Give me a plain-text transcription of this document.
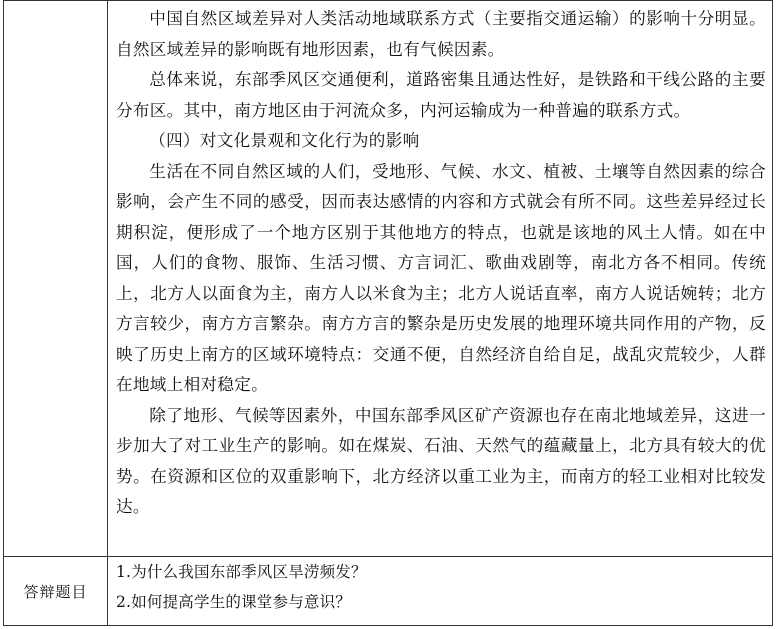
	中国自然区域差异对人类活动地域联系方式（主要指交通运输）的影响十分明显。自然区域差异的影响既有地形因素，也有气候因素。

总体来说，东部季风区交通便利，道路密集且通达性好，是铁路和干线公路的主要分布区。其中，南方地区由于河流众多，内河运输成为一种普遍的联系方式。

（四）对文化景观和文化行为的影响

生活在不同自然区域的人们，受地形、气候、水文、植被、土壤等自然因素的综合影响，会产生不同的感受，因而表达感情的内容和方式就会有所不同。这些差异经过长期积淀，便形成了一个地方区别于其他地方的特点，也就是该地的风土人情。如在中国，人们的食物、服饰、生活习惯、方言词汇、歌曲戏剧等，南北方各不相同。传统上，北方人以面食为主，南方人以米食为主；北方人说话直率，南方人说话婉转；北方方言较少，南方方言繁杂。南方方言的繁杂是历史发展的地理环境共同作用的产物，反映了历史上南方的区域环境特点：交通不便，自然经济自给自足，战乱灾荒较少，人群在地域上相对稳定。

除了地形、气候等因素外，中国东部季风区矿产资源也存在南北地域差异，这进一步加大了对工业生产的影响。如在煤炭、石油、天然气的蕴藏量上，北方具有较大的优势。在资源和区位的双重影响下，北方经济以重工业为主，而南方的轻工业相对比较发达。

答辩题目	1.为什么我国东部季风区旱涝频发？

2.如何提高学生的课堂参与意识？
